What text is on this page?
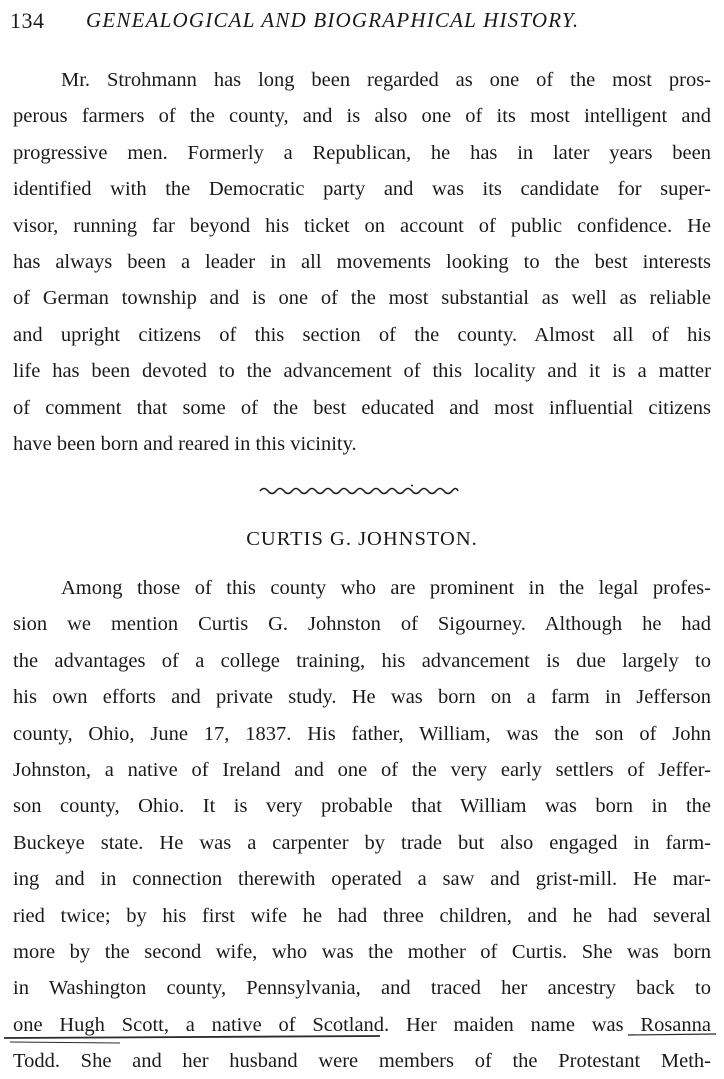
134 GENEALOGICAL AND BIOGRAPHICAL HISTORY.
Mr. Strohmann has long been regarded as one of the most pros-
perous farmers of the county, and is also one of its most intelligent and
progressive men. Formerly a Republican, he has in later years been
identified with the Democratic party and was its candidate for super-
visor, running far beyond his ticket on account of public confidence. He
has always been a leader in all movements looking to the best interests
of German township and is one of the most substantial as well as reliable
and upright citizens of this section of the county. Almost all of his
life has been devoted to the advancement of this locality and it is a matter
of comment that some of the best educated and most influential citizens
have been born and reared in this vicinity.
CURTIS G. JOHNSTON.
Among those of this county who are prominent in the legal profes-
sion we mention Curtis G. Johnston of Sigourney. Although he had
the advantages of a college training, his advancement is due largely to
his own efforts and private study. He was born on a farm in Jefferson
county, Ohio, June 17, 1837. His father, William, was the son of John
Johnston, a native of Ireland and one of the very early settlers of Jeffer-
son county, Ohio. It is very probable that William was born in the
Buckeye state. He was a carpenter by trade but also engaged in farm-
ing and in connection therewith operated a saw and grist-mill. He mar-
ried twice; by his first wife he had three children, and he had several
more by the second wife, who was the mother of Curtis. She was born
in Washington county, Pennsylvania, and traced her ancestry back to
one Hugh Scott, a native of Scotland. Her maiden name was Rosanna
Todd. She and her husband were members of the Protestant Meth-
